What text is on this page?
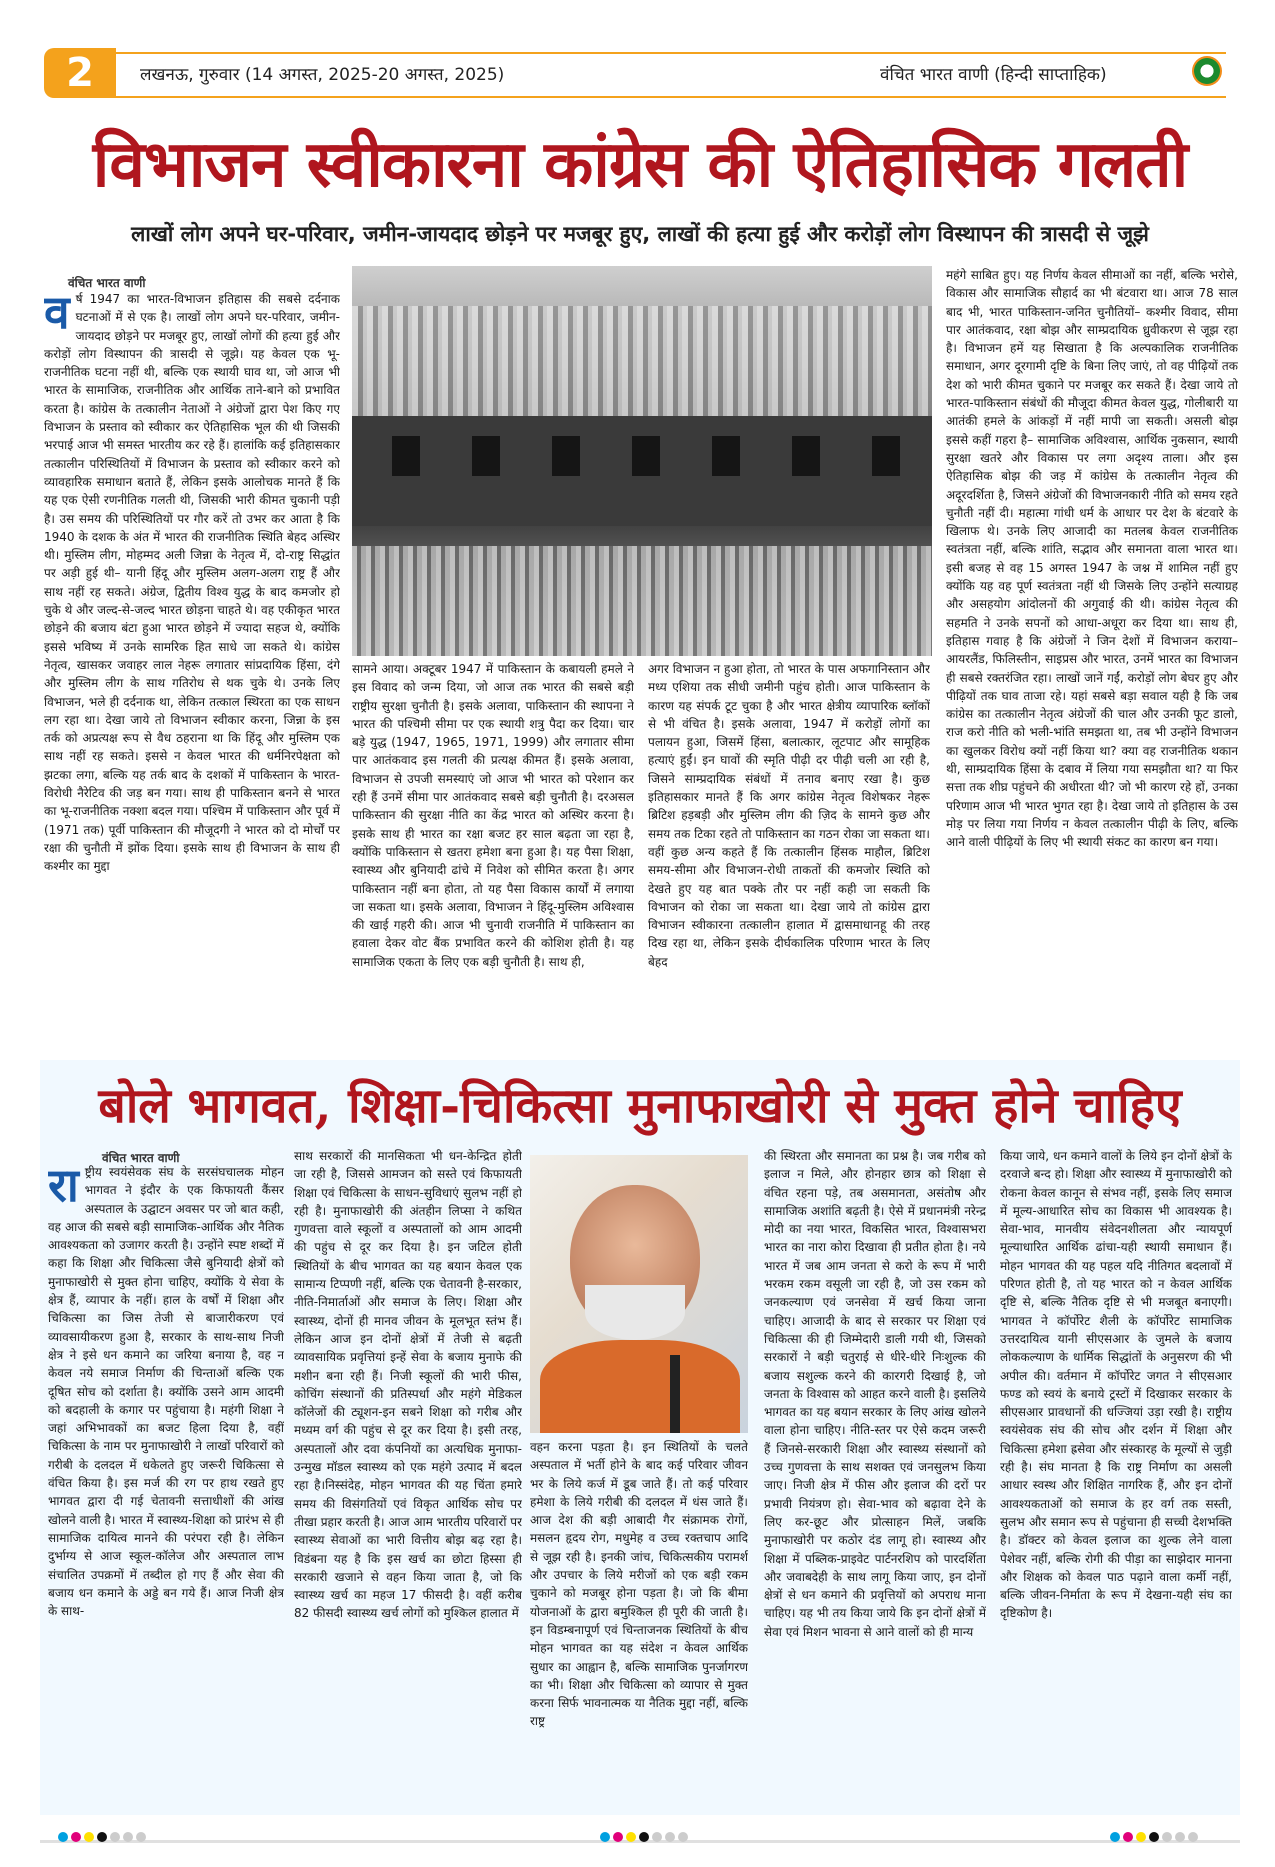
2	लखनऊ, गुरुवार (14 अगस्त, 2025-20 अगस्त, 2025)	वंचित भारत वाणी (हिन्दी साप्ताहिक)
विभाजन स्वीकारना कांग्रेस की ऐतिहासिक गलती
लाखों लोग अपने घर-परिवार, जमीन-जायदाद छोड़ने पर मजबूर हुए, लाखों की हत्या हुई और करोड़ों लोग विस्थापन की त्रासदी से जूझे
वंचित भारत वाणी
वर्ष 1947 का भारत-विभाजन इतिहास की सबसे दर्दनाक घटनाओं में से एक है। लाखों लोग अपने घर-परिवार, जमीन-जायदाद छोड़ने पर मजबूर हुए, लाखों लोगों की हत्या हुई और करोड़ों लोग विस्थापन की त्रासदी से जूझे। यह केवल एक भू-राजनीतिक घटना नहीं थी, बल्कि एक स्थायी घाव था, जो आज भी भारत के सामाजिक, राजनीतिक और आर्थिक ताने-बाने को प्रभावित करता है। कांग्रेस के तत्कालीन नेताओं ने अंग्रेजों द्वारा पेश किए गए विभाजन के प्रस्ताव को स्वीकार कर ऐतिहासिक भूल की थी जिसकी भरपाई आज भी समस्त भारतीय कर रहे हैं। हालांकि कई इतिहासकार तत्कालीन परिस्थितियों में विभाजन के प्रस्ताव को स्वीकार करने को व्यावहारिक समाधान बताते हैं, लेकिन इसके आलोचक मानते हैं कि यह एक ऐसी रणनीतिक गलती थी, जिसकी भारी कीमत चुकानी पड़ी है। उस समय की परिस्थितियों पर गौर करें तो उभर कर आता है कि 1940 के दशक के अंत में भारत की राजनीतिक स्थिति बेहद अस्थिर थी। मुस्लिम लीग, मोहम्मद अली जिन्ना के नेतृत्व में, दो-राष्ट्र सिद्धांत पर अड़ी हुई थी– यानी हिंदू और मुस्लिम अलग-अलग राष्ट्र हैं और साथ नहीं रह सकते। अंग्रेज, द्वितीय विश्व युद्ध के बाद कमजोर हो चुके थे और जल्द-से-जल्द भारत छोड़ना चाहते थे। वह एकीकृत भारत छोड़ने की बजाय बंटा हुआ भारत छोड़ने में ज्यादा सहज थे, क्योंकि इससे भविष्य में उनके सामरिक हित साधे जा सकते थे। कांग्रेस नेतृत्व, खासकर जवाहर लाल नेहरू लगातार सांप्रदायिक हिंसा, दंगे और मुस्लिम लीग के साथ गतिरोध से थक चुके थे। उनके लिए विभाजन, भले ही दर्दनाक था, लेकिन तत्काल स्थिरता का एक साधन लग रहा था। देखा जाये तो विभाजन स्वीकार करना, जिन्ना के इस तर्क को अप्रत्यक्ष रूप से वैध ठहराना था कि हिंदू और मुस्लिम एक साथ नहीं रह सकते। इससे न केवल भारत की धर्मनिरपेक्षता को झटका लगा, बल्कि यह तर्क बाद के दशकों में पाकिस्तान के भारत-विरोधी नैरेटिव की जड़ बन गया। साथ ही पाकिस्तान बनने से भारत का भू-राजनीतिक नक्शा बदल गया। पश्चिम में पाकिस्तान और पूर्व में (1971 तक) पूर्वी पाकिस्तान की मौजूदगी ने भारत को दो मोर्चों पर रक्षा की चुनौती में झोंक दिया। इसके साथ ही विभाजन के साथ ही कश्मीर का मुद्दा
सामने आया। अक्टूबर 1947 में पाकिस्तान के कबायली हमले ने इस विवाद को जन्म दिया, जो आज तक भारत की सबसे बड़ी राष्ट्रीय सुरक्षा चुनौती है। इसके अलावा, पाकिस्तान की स्थापना ने भारत की पश्चिमी सीमा पर एक स्थायी शत्रु पैदा कर दिया। चार बड़े युद्ध (1947, 1965, 1971, 1999) और लगातार सीमा पार आतंकवाद इस गलती की प्रत्यक्ष कीमत हैं। इसके अलावा, विभाजन से उपजी समस्याएं जो आज भी भारत को परेशान कर रही हैं उनमें सीमा पार आतंकवाद सबसे बड़ी चुनौती है। दरअसल पाकिस्तान की सुरक्षा नीति का केंद्र भारत को अस्थिर करना है। इसके साथ ही भारत का रक्षा बजट हर साल बढ़ता जा रहा है, क्योंकि पाकिस्तान से खतरा हमेशा बना हुआ है। यह पैसा शिक्षा, स्वास्थ्य और बुनियादी ढांचे में निवेश को सीमित करता है। अगर पाकिस्तान नहीं बना होता, तो यह पैसा विकास कार्यों में लगाया जा सकता था। इसके अलावा, विभाजन ने हिंदू-मुस्लिम अविश्वास की खाई गहरी की। आज भी चुनावी राजनीति में पाकिस्तान का हवाला देकर वोट बैंक प्रभावित करने की कोशिश होती है। यह सामाजिक एकता के लिए एक बड़ी चुनौती है। साथ ही,
अगर विभाजन न हुआ होता, तो भारत के पास अफगानिस्तान और मध्य एशिया तक सीधी जमीनी पहुंच होती। आज पाकिस्तान के कारण यह संपर्क टूट चुका है और भारत क्षेत्रीय व्यापारिक ब्लॉकों से भी वंचित है। इसके अलावा, 1947 में करोड़ों लोगों का पलायन हुआ, जिसमें हिंसा, बलात्कार, लूटपाट और सामूहिक हत्याएं हुईं। इन घावों की स्मृति पीढ़ी दर पीढ़ी चली आ रही है, जिसने साम्प्रदायिक संबंधों में तनाव बनाए रखा है। कुछ इतिहासकार मानते हैं कि अगर कांग्रेस नेतृत्व विशेषकर नेहरू ब्रिटिश हड़बड़ी और मुस्लिम लीग की ज़िद के सामने कुछ और समय तक टिका रहते तो पाकिस्तान का गठन रोका जा सकता था। वहीं कुछ अन्य कहते हैं कि तत्कालीन हिंसक माहौल, ब्रिटिश समय-सीमा और विभाजन-रोधी ताकतों की कमजोर स्थिति को देखते हुए यह बात पक्के तौर पर नहीं कही जा सकती कि विभाजन को रोका जा सकता था। देखा जाये तो कांग्रेस द्वारा विभाजन स्वीकारना तत्कालीन हालात में द्वासमाधानहू की तरह दिख रहा था, लेकिन इसके दीर्घकालिक परिणाम भारत के लिए बेहद
महंगे साबित हुए। यह निर्णय केवल सीमाओं का नहीं, बल्कि भरोसे, विकास और सामाजिक सौहार्द का भी बंटवारा था। आज 78 साल बाद भी, भारत पाकिस्तान-जनित चुनौतियों– कश्मीर विवाद, सीमा पार आतंकवाद, रक्षा बोझ और साम्प्रदायिक ध्रुवीकरण से जूझ रहा है। विभाजन हमें यह सिखाता है कि अल्पकालिक राजनीतिक समाधान, अगर दूरगामी दृष्टि के बिना लिए जाएं, तो वह पीढ़ियों तक देश को भारी कीमत चुकाने पर मजबूर कर सकते हैं। देखा जाये तो भारत-पाकिस्तान संबंधों की मौजूदा कीमत केवल युद्ध, गोलीबारी या आतंकी हमले के आंकड़ों में नहीं मापी जा सकती। असली बोझ इससे कहीं गहरा है– सामाजिक अविश्वास, आर्थिक नुकसान, स्थायी सुरक्षा खतरे और विकास पर लगा अदृश्य ताला। और इस ऐतिहासिक बोझ की जड़ में कांग्रेस के तत्कालीन नेतृत्व की अदूरदर्शिता है, जिसने अंग्रेजों की विभाजनकारी नीति को समय रहते चुनौती नहीं दी। महात्मा गांधी धर्म के आधार पर देश के बंटवारे के खिलाफ थे। उनके लिए आजादी का मतलब केवल राजनीतिक स्वतंत्रता नहीं, बल्कि शांति, सद्भाव और समानता वाला भारत था। इसी बजह से वह 15 अगस्त 1947 के जश्न में शामिल नहीं हुए क्योंकि यह वह पूर्ण स्वतंत्रता नहीं थी जिसके लिए उन्होंने सत्याग्रह और असहयोग आंदोलनों की अगुवाई की थी। कांग्रेस नेतृत्व की सहमति ने उनके सपनों को आधा-अधूरा कर दिया था। साथ ही, इतिहास गवाह है कि अंग्रेजों ने जिन देशों में विभाजन कराया– आयरलैंड, फिलिस्तीन, साइप्रस और भारत, उनमें भारत का विभाजन ही सबसे रक्तरंजित रहा। लाखों जानें गईं, करोड़ों लोग बेघर हुए और पीढ़ियों तक घाव ताजा रहे। यहां सबसे बड़ा सवाल यही है कि जब कांग्रेस का तत्कालीन नेतृत्व अंग्रेजों की चाल और उनकी फूट डालो, राज करो नीति को भली-भांति समझता था, तब भी उन्होंने विभाजन का खुलकर विरोध क्यों नहीं किया था? क्या वह राजनीतिक थकान थी, साम्प्रदायिक हिंसा के दबाव में लिया गया समझौता था? या फिर सत्ता तक शीघ्र पहुंचने की अधीरता थी? जो भी कारण रहे हों, उनका परिणाम आज भी भारत भुगत रहा है। देखा जाये तो इतिहास के उस मोड़ पर लिया गया निर्णय न केवल तत्कालीन पीढ़ी के लिए, बल्कि आने वाली पीढ़ियों के लिए भी स्थायी संकट का कारण बन गया।
बोले भागवत, शिक्षा-चिकित्सा मुनाफाखोरी से मुक्त होने चाहिए
वंचित भारत वाणी
राष्ट्रीय स्वयंसेवक संघ के सरसंघचालक मोहन भागवत ने इंदौर के एक किफायती कैंसर अस्पताल के उद्घाटन अवसर पर जो बात कही, वह आज की सबसे बड़ी सामाजिक-आर्थिक और नैतिक आवश्यकता को उजागर करती है। उन्होंने स्पष्ट शब्दों में कहा कि शिक्षा और चिकित्सा जैसे बुनियादी क्षेत्रों को मुनाफाखोरी से मुक्त होना चाहिए, क्योंकि ये सेवा के क्षेत्र हैं, व्यापार के नहीं। हाल के वर्षों में शिक्षा और चिकित्सा का जिस तेजी से बाजारीकरण एवं व्यावसायीकरण हुआ है, सरकार के साथ-साथ निजी क्षेत्र ने इसे धन कमाने का जरिया बनाया है, वह न केवल नये समाज निर्माण की चिन्ताओं बल्कि एक दूषित सोच को दर्शाता है। क्योंकि उसने आम आदमी को बदहाली के कगार पर पहुंचाया है। महंगी शिक्षा ने जहां अभिभावकों का बजट हिला दिया है, वहीं चिकित्सा के नाम पर मुनाफाखोरी ने लाखों परिवारों को गरीबी के दलदल में धकेलते हुए जरूरी चिकित्सा से वंचित किया है। इस मर्ज की रग पर हाथ रखते हुए भागवत द्वारा दी गई चेतावनी सत्ताधीशों की आंख खोलने वाली है। भारत में स्वास्थ्य-शिक्षा को प्रारंभ से ही सामाजिक दायित्व मानने की परंपरा रही है। लेकिन दुर्भाग्य से आज स्कूल-कॉलेज और अस्पताल लाभ संचालित उपक्रमों में तब्दील हो गए हैं और सेवा की बजाय धन कमाने के अड्डे बन गये हैं। आज निजी क्षेत्र के साथ-
साथ सरकारों की मानसिकता भी धन-केन्द्रित होती जा रही है, जिससे आमजन को सस्ते एवं किफायती शिक्षा एवं चिकित्सा के साधन-सुविधाएं सुलभ नहीं हो रही है। मुनाफाखोरी की अंतहीन लिप्सा ने कथित गुणवत्ता वाले स्कूलों व अस्पतालों को आम आदमी की पहुंच से दूर कर दिया है। इन जटिल होती स्थितियों के बीच भागवत का यह बयान केवल एक सामान्य टिप्पणी नहीं, बल्कि एक चेतावनी है-सरकार, नीति-निमार्ताओं और समाज के लिए। शिक्षा और स्वास्थ्य, दोनों ही मानव जीवन के मूलभूत स्तंभ हैं। लेकिन आज इन दोनों क्षेत्रों में तेजी से बढ़ती व्यावसायिक प्रवृत्तियां इन्हें सेवा के बजाय मुनाफे की मशीन बना रही हैं। निजी स्कूलों की भारी फीस, कोचिंग संस्थानों की प्रतिस्पर्धा और महंगे मेडिकल कॉलेजों की ट्यूशन-इन सबने शिक्षा को गरीब और मध्यम वर्ग की पहुंच से दूर कर दिया है। इसी तरह, अस्पतालों और दवा कंपनियों का अत्यधिक मुनाफा-उन्मुख मॉडल स्वास्थ्य को एक महंगे उत्पाद में बदल रहा है।निस्संदेह, मोहन भागवत की यह चिंता हमारे समय की विसंगतियों एवं विकृत आर्थिक सोच पर तीखा प्रहार करती है। आज आम भारतीय परिवारों पर स्वास्थ्य सेवाओं का भारी वित्तीय बोझ बढ़ रहा है। विडंबना यह है कि इस खर्च का छोटा हिस्सा ही सरकारी खजाने से वहन किया जाता है, जो कि स्वास्थ्य खर्च का महज 17 फीसदी है। वहीं करीब 82 फीसदी स्वास्थ्य खर्च लोगों को मुश्किल हालात में
वहन करना पड़ता है। इन स्थितियों के चलते अस्पताल में भर्ती होने के बाद कई परिवार जीवन भर के लिये कर्ज में डूब जाते हैं। तो कई परिवार हमेशा के लिये गरीबी की दलदल में धंस जाते हैं। आज देश की बड़ी आबादी गैर संक्रामक रोगों, मसलन हृदय रोग, मधुमेह व उच्च रक्तचाप आदि से जूझ रही है। इनकी जांच, चिकित्सकीय परामर्श और उपचार के लिये मरीजों को एक बड़ी रकम चुकाने को मजबूर होना पड़ता है। जो कि बीमा योजनाओं के द्वारा बमुश्किल ही पूरी की जाती है। इन विडम्बनापूर्ण एवं चिन्ताजनक स्थितियों के बीच मोहन भागवत का यह संदेश न केवल आर्थिक सुधार का आह्वान है, बल्कि सामाजिक पुनर्जागरण का भी। शिक्षा और चिकित्सा को व्यापार से मुक्त करना सिर्फ भावनात्मक या नैतिक मुद्दा नहीं, बल्कि राष्ट्र
की स्थिरता और समानता का प्रश्न है। जब गरीब को इलाज न मिले, और होनहार छात्र को शिक्षा से वंचित रहना पड़े, तब असमानता, असंतोष और सामाजिक अशांति बढ़ती है। ऐसे में प्रधानमंत्री नरेन्द्र मोदी का नया भारत, विकसित भारत, विश्वासभरा भारत का नारा कोरा दिखावा ही प्रतीत होता है। नये भारत में जब आम जनता से करो के रूप में भारी भरकम रकम वसूली जा रही है, जो उस रकम को जनकल्याण एवं जनसेवा में खर्च किया जाना चाहिए। आजादी के बाद से सरकार पर शिक्षा एवं चिकित्सा की ही जिम्मेदारी डाली गयी थी, जिसको सरकारों ने बड़ी चतुराई से धीरे-धीरे निःशुल्क की बजाय सशुल्क करने की कारगरी दिखाई है, जो जनता के विश्वास को आहत करने वाली है। इसलिये भागवत का यह बयान सरकार के लिए आंख खोलने वाला होना चाहिए। नीति-स्तर पर ऐसे कदम जरूरी हैं जिनसे-सरकारी शिक्षा और स्वास्थ्य संस्थानों को उच्च गुणवत्ता के साथ सशक्त एवं जनसुलभ किया जाए। निजी क्षेत्र में फीस और इलाज की दरों पर प्रभावी नियंत्रण हो। सेवा-भाव को बढ़ावा देने के लिए कर-छूट और प्रोत्साहन मिलें, जबकि मुनाफाखोरी पर कठोर दंड लागू हो। स्वास्थ्य और शिक्षा में पब्लिक-प्राइवेट पार्टनरशिप को पारदर्शिता और जवाबदेही के साथ लागू किया जाए, इन दोनों क्षेत्रों से धन कमाने की प्रवृत्तियों को अपराध माना चाहिए। यह भी तय किया जाये कि इन दोनों क्षेत्रों में सेवा एवं मिशन भावना से आने वालों को ही मान्य
किया जाये, धन कमाने वालों के लिये इन दोनों क्षेत्रों के दरवाजे बन्द हो। शिक्षा और स्वास्थ्य में मुनाफाखोरी को रोकना केवल कानून से संभव नहीं, इसके लिए समाज में मूल्य-आधारित सोच का विकास भी आवश्यक है। सेवा-भाव, मानवीय संवेदनशीलता और न्यायपूर्ण मूल्याधारित आर्थिक ढांचा-यही स्थायी समाधान हैं। मोहन भागवत की यह पहल यदि नीतिगत बदलावों में परिणत होती है, तो यह भारत को न केवल आर्थिक दृष्टि से, बल्कि नैतिक दृष्टि से भी मजबूत बनाएगी। भागवत ने कॉर्पोरेट शैली के कॉर्पोरेट सामाजिक उत्तरदायित्व यानी सीएसआर के जुमले के बजाय लोककल्याण के धार्मिक सिद्धांतों के अनुसरण की भी अपील की। वर्तमान में कॉर्पोरेट जगत ने सीएसआर फण्ड को स्वयं के बनाये ट्रस्टों में दिखाकर सरकार के सीएसआर प्रावधानों की धज्जियां उड़ा रखी है। राष्ट्रीय स्वयंसेवक संघ की सोच और दर्शन में शिक्षा और चिकित्सा हमेशा ह्रसेवा और संस्कारह के मूल्यों से जुड़ी रही है। संघ मानता है कि राष्ट्र निर्माण का असली आधार स्वस्थ और शिक्षित नागरिक हैं, और इन दोनों आवश्यकताओं को समाज के हर वर्ग तक सस्ती, सुलभ और समान रूप से पहुंचाना ही सच्ची देशभक्ति है। डॉक्टर को केवल इलाज का शुल्क लेने वाला पेशेवर नहीं, बल्कि रोगी की पीड़ा का साझेदार मानना और शिक्षक को केवल पाठ पढ़ाने वाला कर्मी नहीं, बल्कि जीवन-निर्माता के रूप में देखना-यही संघ का दृष्टिकोण है।
